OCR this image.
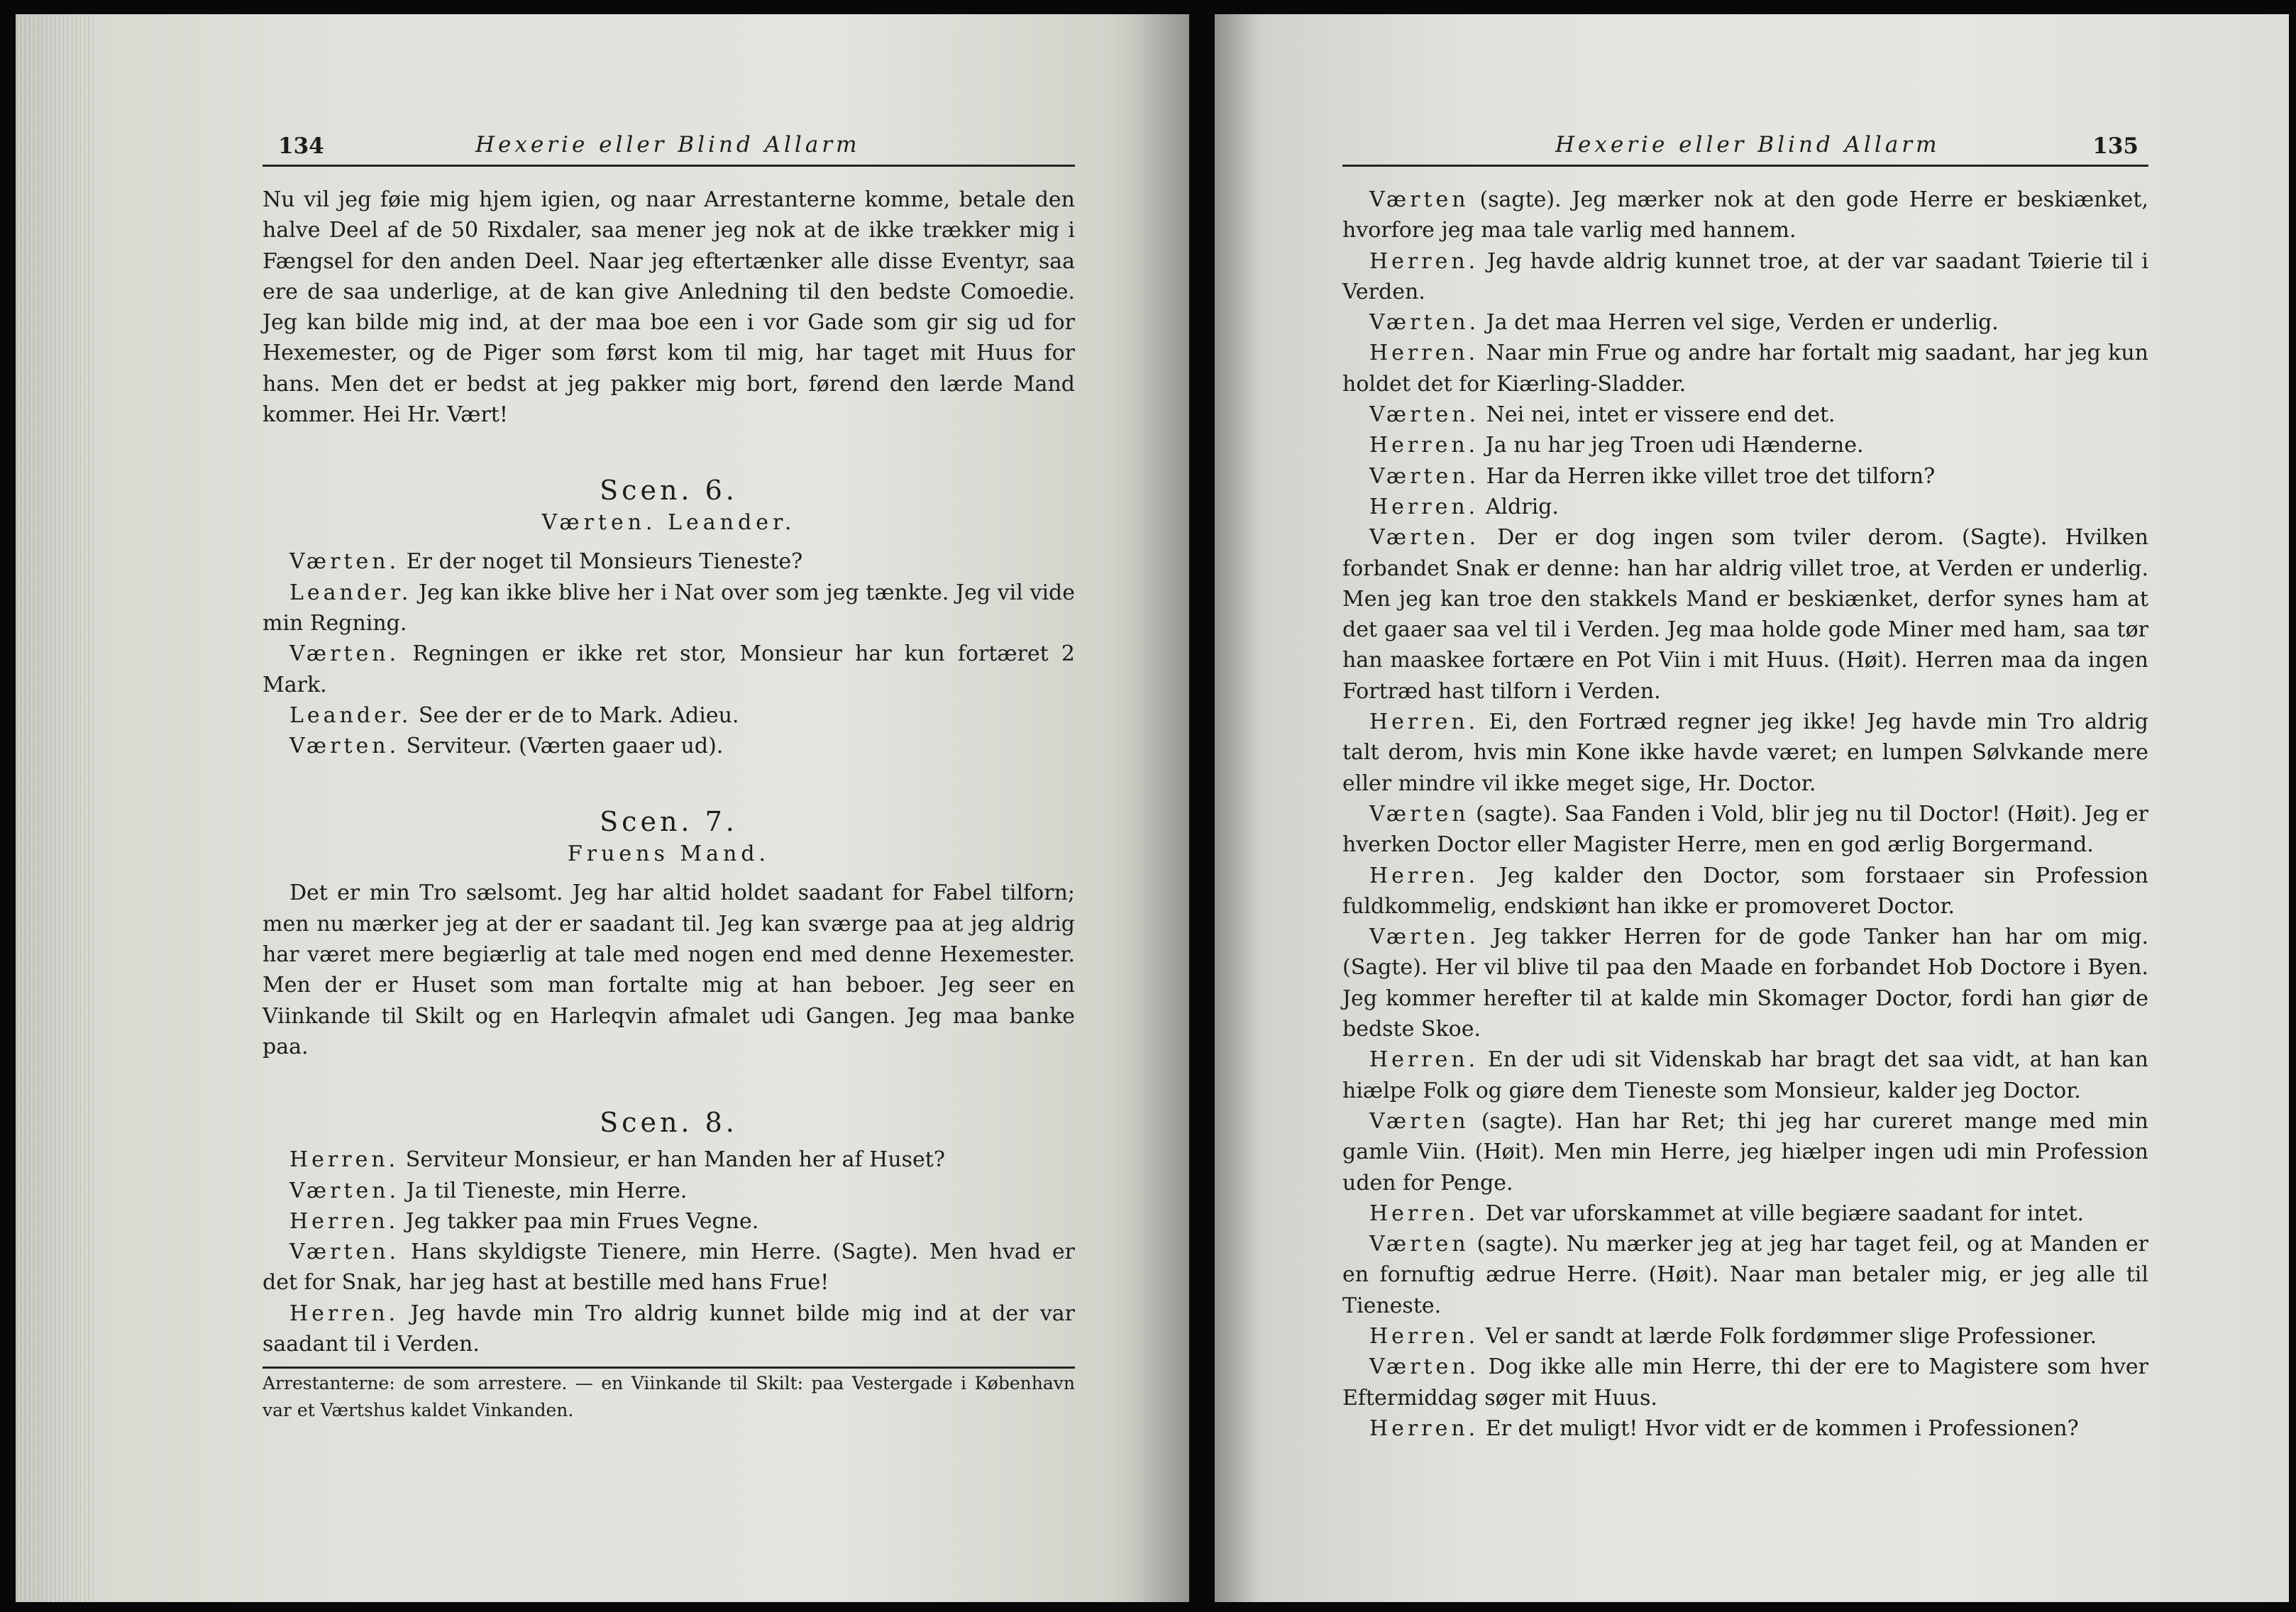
134	Hexerie eller Blind Allarm

Nu vil jeg føie mig hjem igien, og naar Arrestanterne komme, betale den halve Deel af de 50 Rixdaler, saa mener jeg nok at de ikke trækker mig i Fængsel for den anden Deel. Naar jeg eftertænker alle disse Eventyr, saa ere de saa underlige, at de kan give Anledning til den bedste Comoedie. Jeg kan bilde mig ind, at der maa boe een i vor Gade som gir sig ud for Hexemester, og de Piger som først kom til mig, har taget mit Huus for hans. Men det er bedst at jeg pakker mig bort, førend den lærde Mand kommer. Hei Hr. Vært!

Scen. 6.
Værten. Leander.

Værten. Er der noget til Monsieurs Tieneste?

Leander. Jeg kan ikke blive her i Nat over som jeg tænkte. Jeg vil vide min Regning.

Værten. Regningen er ikke ret stor, Monsieur har kun fortæret 2 Mark.

Leander. See der er de to Mark. Adieu.

Værten. Serviteur. (Værten gaaer ud).

Scen. 7.
Fruens Mand.

Det er min Tro sælsomt. Jeg har altid holdet saadant for Fabel tilforn; men nu mærker jeg at der er saadant til. Jeg kan sværge paa at jeg aldrig har været mere begiærlig at tale med nogen end med denne Hexemester. Men der er Huset som man fortalte mig at han beboer. Jeg seer en Viinkande til Skilt og en Harleqvin afmalet udi Gangen. Jeg maa banke paa.

Scen. 8.

Herren. Serviteur Monsieur, er han Manden her af Huset?

Værten. Ja til Tieneste, min Herre.

Herren. Jeg takker paa min Frues Vegne.

Værten. Hans skyldigste Tienere, min Herre. (Sagte). Men hvad er det for Snak, har jeg hast at bestille med hans Frue!

Herren. Jeg havde min Tro aldrig kunnet bilde mig ind at der var saadant til i Verden.

Arrestanterne: de som arrestere. — en Viinkande til Skilt: paa Vestergade i København var et Værtshus kaldet Vinkanden.

Hexerie eller Blind Allarm	135

Værten (sagte). Jeg mærker nok at den gode Herre er beskiænket, hvorfore jeg maa tale varlig med hannem.

Herren. Jeg havde aldrig kunnet troe, at der var saadant Tøierie til i Verden.

Værten. Ja det maa Herren vel sige, Verden er underlig.

Herren. Naar min Frue og andre har fortalt mig saadant, har jeg kun holdet det for Kiærling-Sladder.

Værten. Nei nei, intet er vissere end det.

Herren. Ja nu har jeg Troen udi Hænderne.

Værten. Har da Herren ikke villet troe det tilforn?

Herren. Aldrig.

Værten. Der er dog ingen som tviler derom. (Sagte). Hvilken forbandet Snak er denne: han har aldrig villet troe, at Verden er underlig. Men jeg kan troe den stakkels Mand er beskiænket, derfor synes ham at det gaaer saa vel til i Verden. Jeg maa holde gode Miner med ham, saa tør han maaskee fortære en Pot Viin i mit Huus. (Høit). Herren maa da ingen Fortræd hast tilforn i Verden.

Herren. Ei, den Fortræd regner jeg ikke! Jeg havde min Tro aldrig talt derom, hvis min Kone ikke havde været; en lumpen Sølvkande mere eller mindre vil ikke meget sige, Hr. Doctor.

Værten (sagte). Saa Fanden i Vold, blir jeg nu til Doctor! (Høit). Jeg er hverken Doctor eller Magister Herre, men en god ærlig Borgermand.

Herren. Jeg kalder den Doctor, som forstaaer sin Profession fuldkommelig, endskiønt han ikke er promoveret Doctor.

Værten. Jeg takker Herren for de gode Tanker han har om mig. (Sagte). Her vil blive til paa den Maade en forbandet Hob Doctore i Byen. Jeg kommer herefter til at kalde min Skomager Doctor, fordi han giør de bedste Skoe.

Herren. En der udi sit Videnskab har bragt det saa vidt, at han kan hiælpe Folk og giøre dem Tieneste som Monsieur, kalder jeg Doctor.

Værten (sagte). Han har Ret; thi jeg har cureret mange med min gamle Viin. (Høit). Men min Herre, jeg hiælper ingen udi min Profession uden for Penge.

Herren. Det var uforskammet at ville begiære saadant for intet.

Værten (sagte). Nu mærker jeg at jeg har taget feil, og at Manden er en fornuftig ædrue Herre. (Høit). Naar man betaler mig, er jeg alle til Tieneste.

Herren. Vel er sandt at lærde Folk fordømmer slige Professioner.

Værten. Dog ikke alle min Herre, thi der ere to Magistere som hver Eftermiddag søger mit Huus.

Herren. Er det muligt! Hvor vidt er de kommen i Professionen?
